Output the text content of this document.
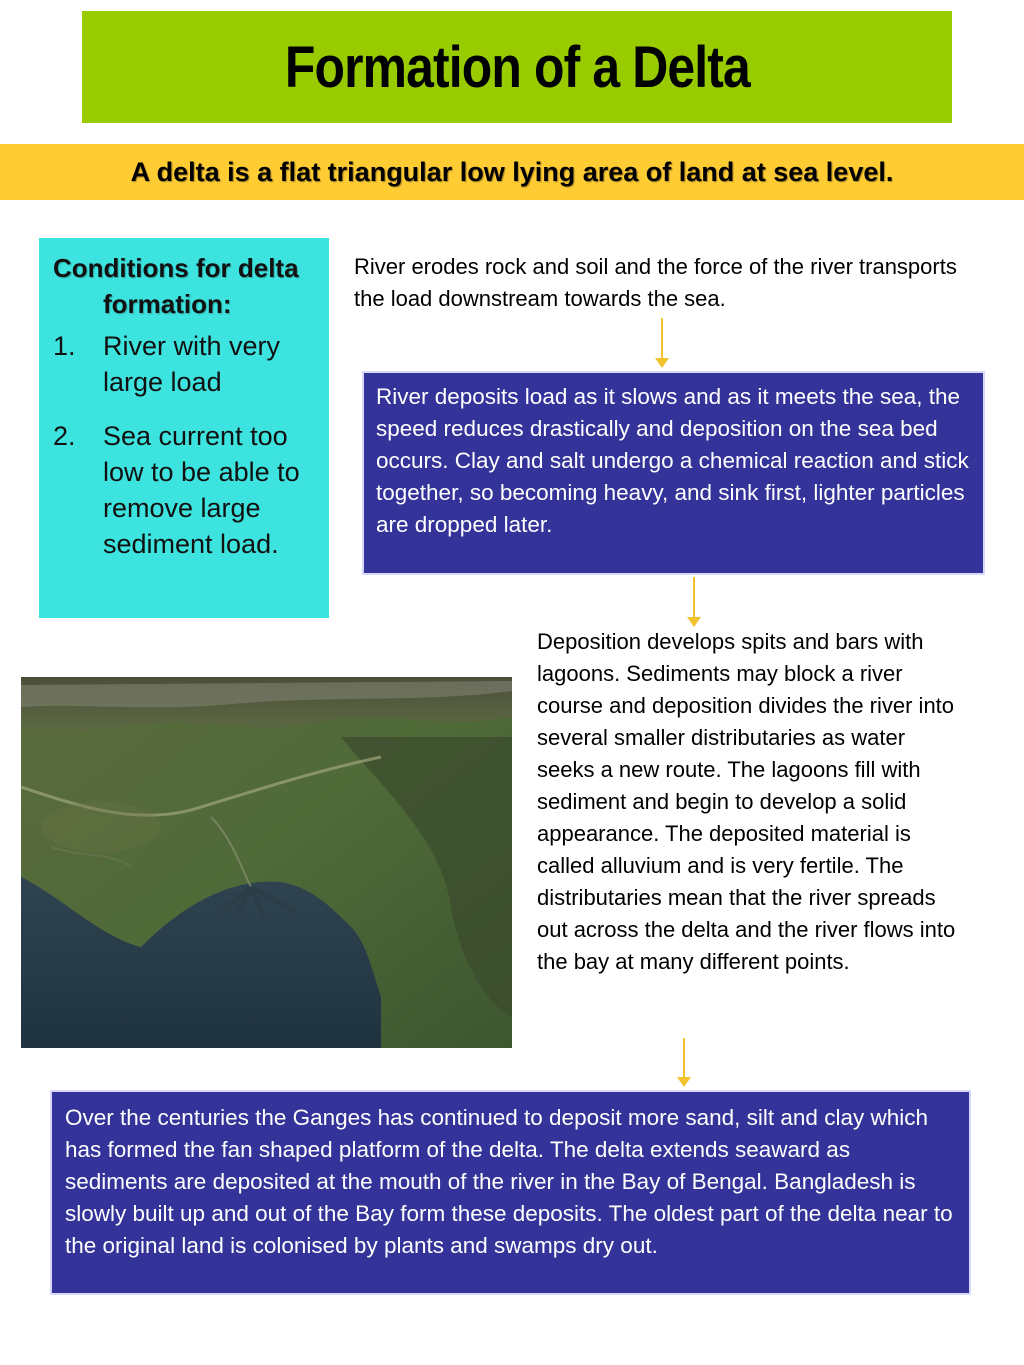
Formation of a Delta
A delta is a flat triangular low lying area of land at sea level.
Conditions for delta formation:
1. River with very large load
2. Sea current too low to be able to remove large sediment load.
River erodes rock and soil and the force of the river transports the load downstream towards the sea.
River deposits load as it slows and as it meets the sea, the speed reduces drastically and deposition on the sea bed occurs. Clay and salt undergo a chemical reaction and stick together, so becoming heavy, and sink first, lighter particles are dropped later.
Deposition develops spits and bars with lagoons. Sediments may block a river course and deposition divides the river into several smaller distributaries as water seeks a new route. The lagoons fill with sediment and begin to develop a solid appearance. The deposited material is called alluvium and is very fertile. The distributaries mean that the river spreads out across the delta and the river flows into the bay at many different points.
Over the centuries the Ganges has continued to deposit more sand, silt and clay which has formed the fan shaped platform of the delta. The delta extends seaward as sediments are deposited at the mouth of the river in the Bay of Bengal. Bangladesh is slowly built up and out of the Bay form these deposits. The oldest part of the delta near to the original land is colonised by plants and swamps dry out.
